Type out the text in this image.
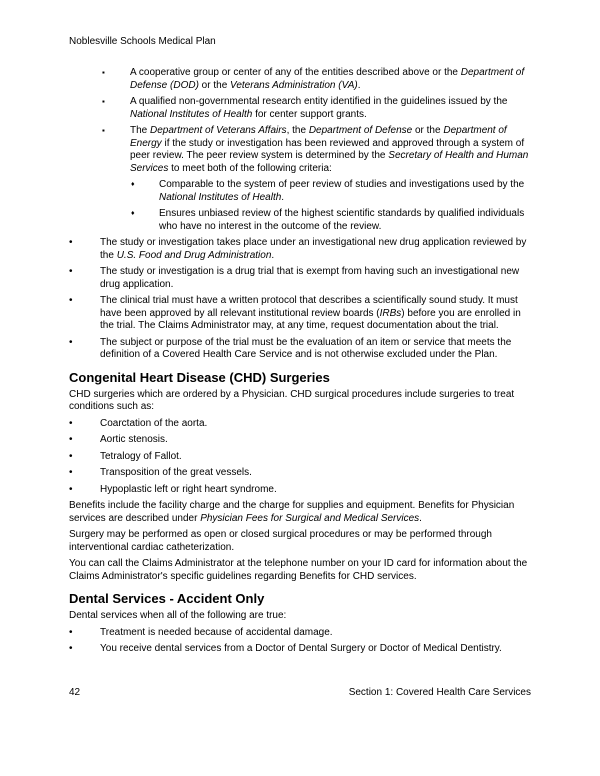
Noblesville Schools Medical Plan
▪	A cooperative group or center of any of the entities described above or the Department of Defense (DOD) or the Veterans Administration (VA).
▪	A qualified non-governmental research entity identified in the guidelines issued by the National Institutes of Health for center support grants.
▪	The Department of Veterans Affairs, the Department of Defense or the Department of Energy if the study or investigation has been reviewed and approved through a system of peer review. The peer review system is determined by the Secretary of Health and Human Services to meet both of the following criteria:
♦	Comparable to the system of peer review of studies and investigations used by the National Institutes of Health.
♦	Ensures unbiased review of the highest scientific standards by qualified individuals who have no interest in the outcome of the review.
•	The study or investigation takes place under an investigational new drug application reviewed by the U.S. Food and Drug Administration.
•	The study or investigation is a drug trial that is exempt from having such an investigational new drug application.
•	The clinical trial must have a written protocol that describes a scientifically sound study. It must have been approved by all relevant institutional review boards (IRBs) before you are enrolled in the trial. The Claims Administrator may, at any time, request documentation about the trial.
•	The subject or purpose of the trial must be the evaluation of an item or service that meets the definition of a Covered Health Care Service and is not otherwise excluded under the Plan.
Congenital Heart Disease (CHD) Surgeries
CHD surgeries which are ordered by a Physician. CHD surgical procedures include surgeries to treat conditions such as:
•	Coarctation of the aorta.
•	Aortic stenosis.
•	Tetralogy of Fallot.
•	Transposition of the great vessels.
•	Hypoplastic left or right heart syndrome.
Benefits include the facility charge and the charge for supplies and equipment. Benefits for Physician services are described under Physician Fees for Surgical and Medical Services.
Surgery may be performed as open or closed surgical procedures or may be performed through interventional cardiac catheterization.
You can call the Claims Administrator at the telephone number on your ID card for information about the Claims Administrator's specific guidelines regarding Benefits for CHD services.
Dental Services - Accident Only
Dental services when all of the following are true:
•	Treatment is needed because of accidental damage.
•	You receive dental services from a Doctor of Dental Surgery or Doctor of Medical Dentistry.
42	Section 1: Covered Health Care Services
